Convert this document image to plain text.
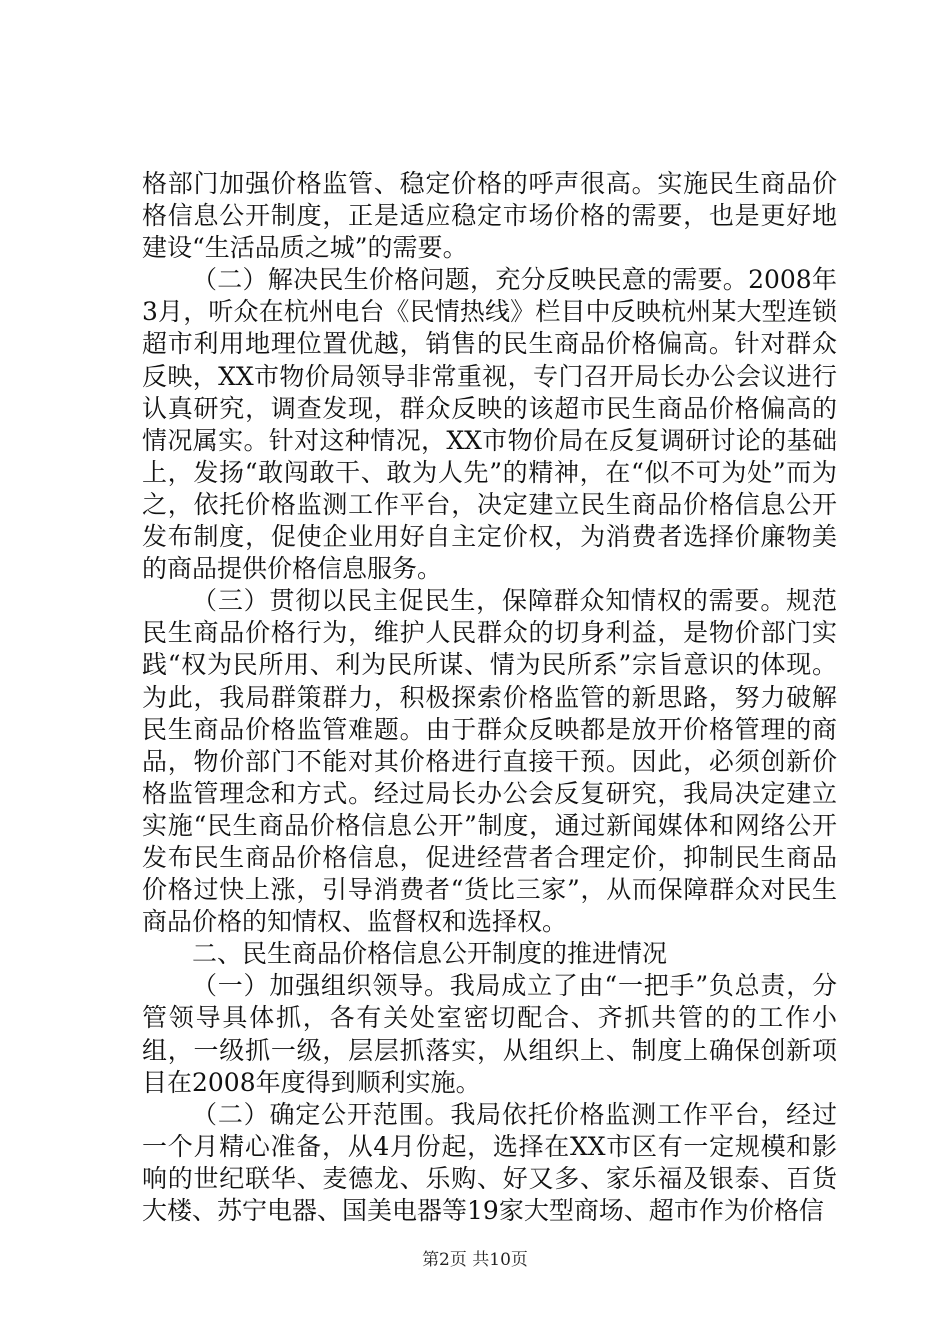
格部门加强价格监管、稳定价格的呼声很高。实施民生商品价格信息公开制度，正是适应稳定市场价格的需要，也是更好地建设“生活品质之城”的需要。

（二）解决民生价格问题，充分反映民意的需要。2008年3月，听众在杭州电台《民情热线》栏目中反映杭州某大型连锁超市利用地理位置优越，销售的民生商品价格偏高。针对群众反映，XX市物价局领导非常重视，专门召开局长办公会议进行认真研究，调查发现，群众反映的该超市民生商品价格偏高的情况属实。针对这种情况，XX市物价局在反复调研讨论的基础上，发扬“敢闯敢干、敢为人先”的精神，在“似不可为处”而为之，依托价格监测工作平台，决定建立民生商品价格信息公开发布制度，促使企业用好自主定价权，为消费者选择价廉物美的商品提供价格信息服务。

（三）贯彻以民主促民生，保障群众知情权的需要。规范民生商品价格行为，维护人民群众的切身利益，是物价部门实践“权为民所用、利为民所谋、情为民所系”宗旨意识的体现。为此，我局群策群力，积极探索价格监管的新思路，努力破解民生商品价格监管难题。由于群众反映都是放开价格管理的商品，物价部门不能对其价格进行直接干预。因此，必须创新价格监管理念和方式。经过局长办公会反复研究，我局决定建立实施“民生商品价格信息公开”制度，通过新闻媒体和网络公开发布民生商品价格信息，促进经营者合理定价，抑制民生商品价格过快上涨，引导消费者“货比三家”，从而保障群众对民生商品价格的知情权、监督权和选择权。

二、民生商品价格信息公开制度的推进情况

（一）加强组织领导。我局成立了由“一把手”负总责，分管领导具体抓，各有关处室密切配合、齐抓共管的的工作小组，一级抓一级，层层抓落实，从组织上、制度上确保创新项目在2008年度得到顺利实施。

（二）确定公开范围。我局依托价格监测工作平台，经过一个月精心准备，从4月份起，选择在XX市区有一定规模和影响的世纪联华、麦德龙、乐购、好又多、家乐福及银泰、百货大楼、苏宁电器、国美电器等19家大型商场、超市作为价格信

第2页 共10页
